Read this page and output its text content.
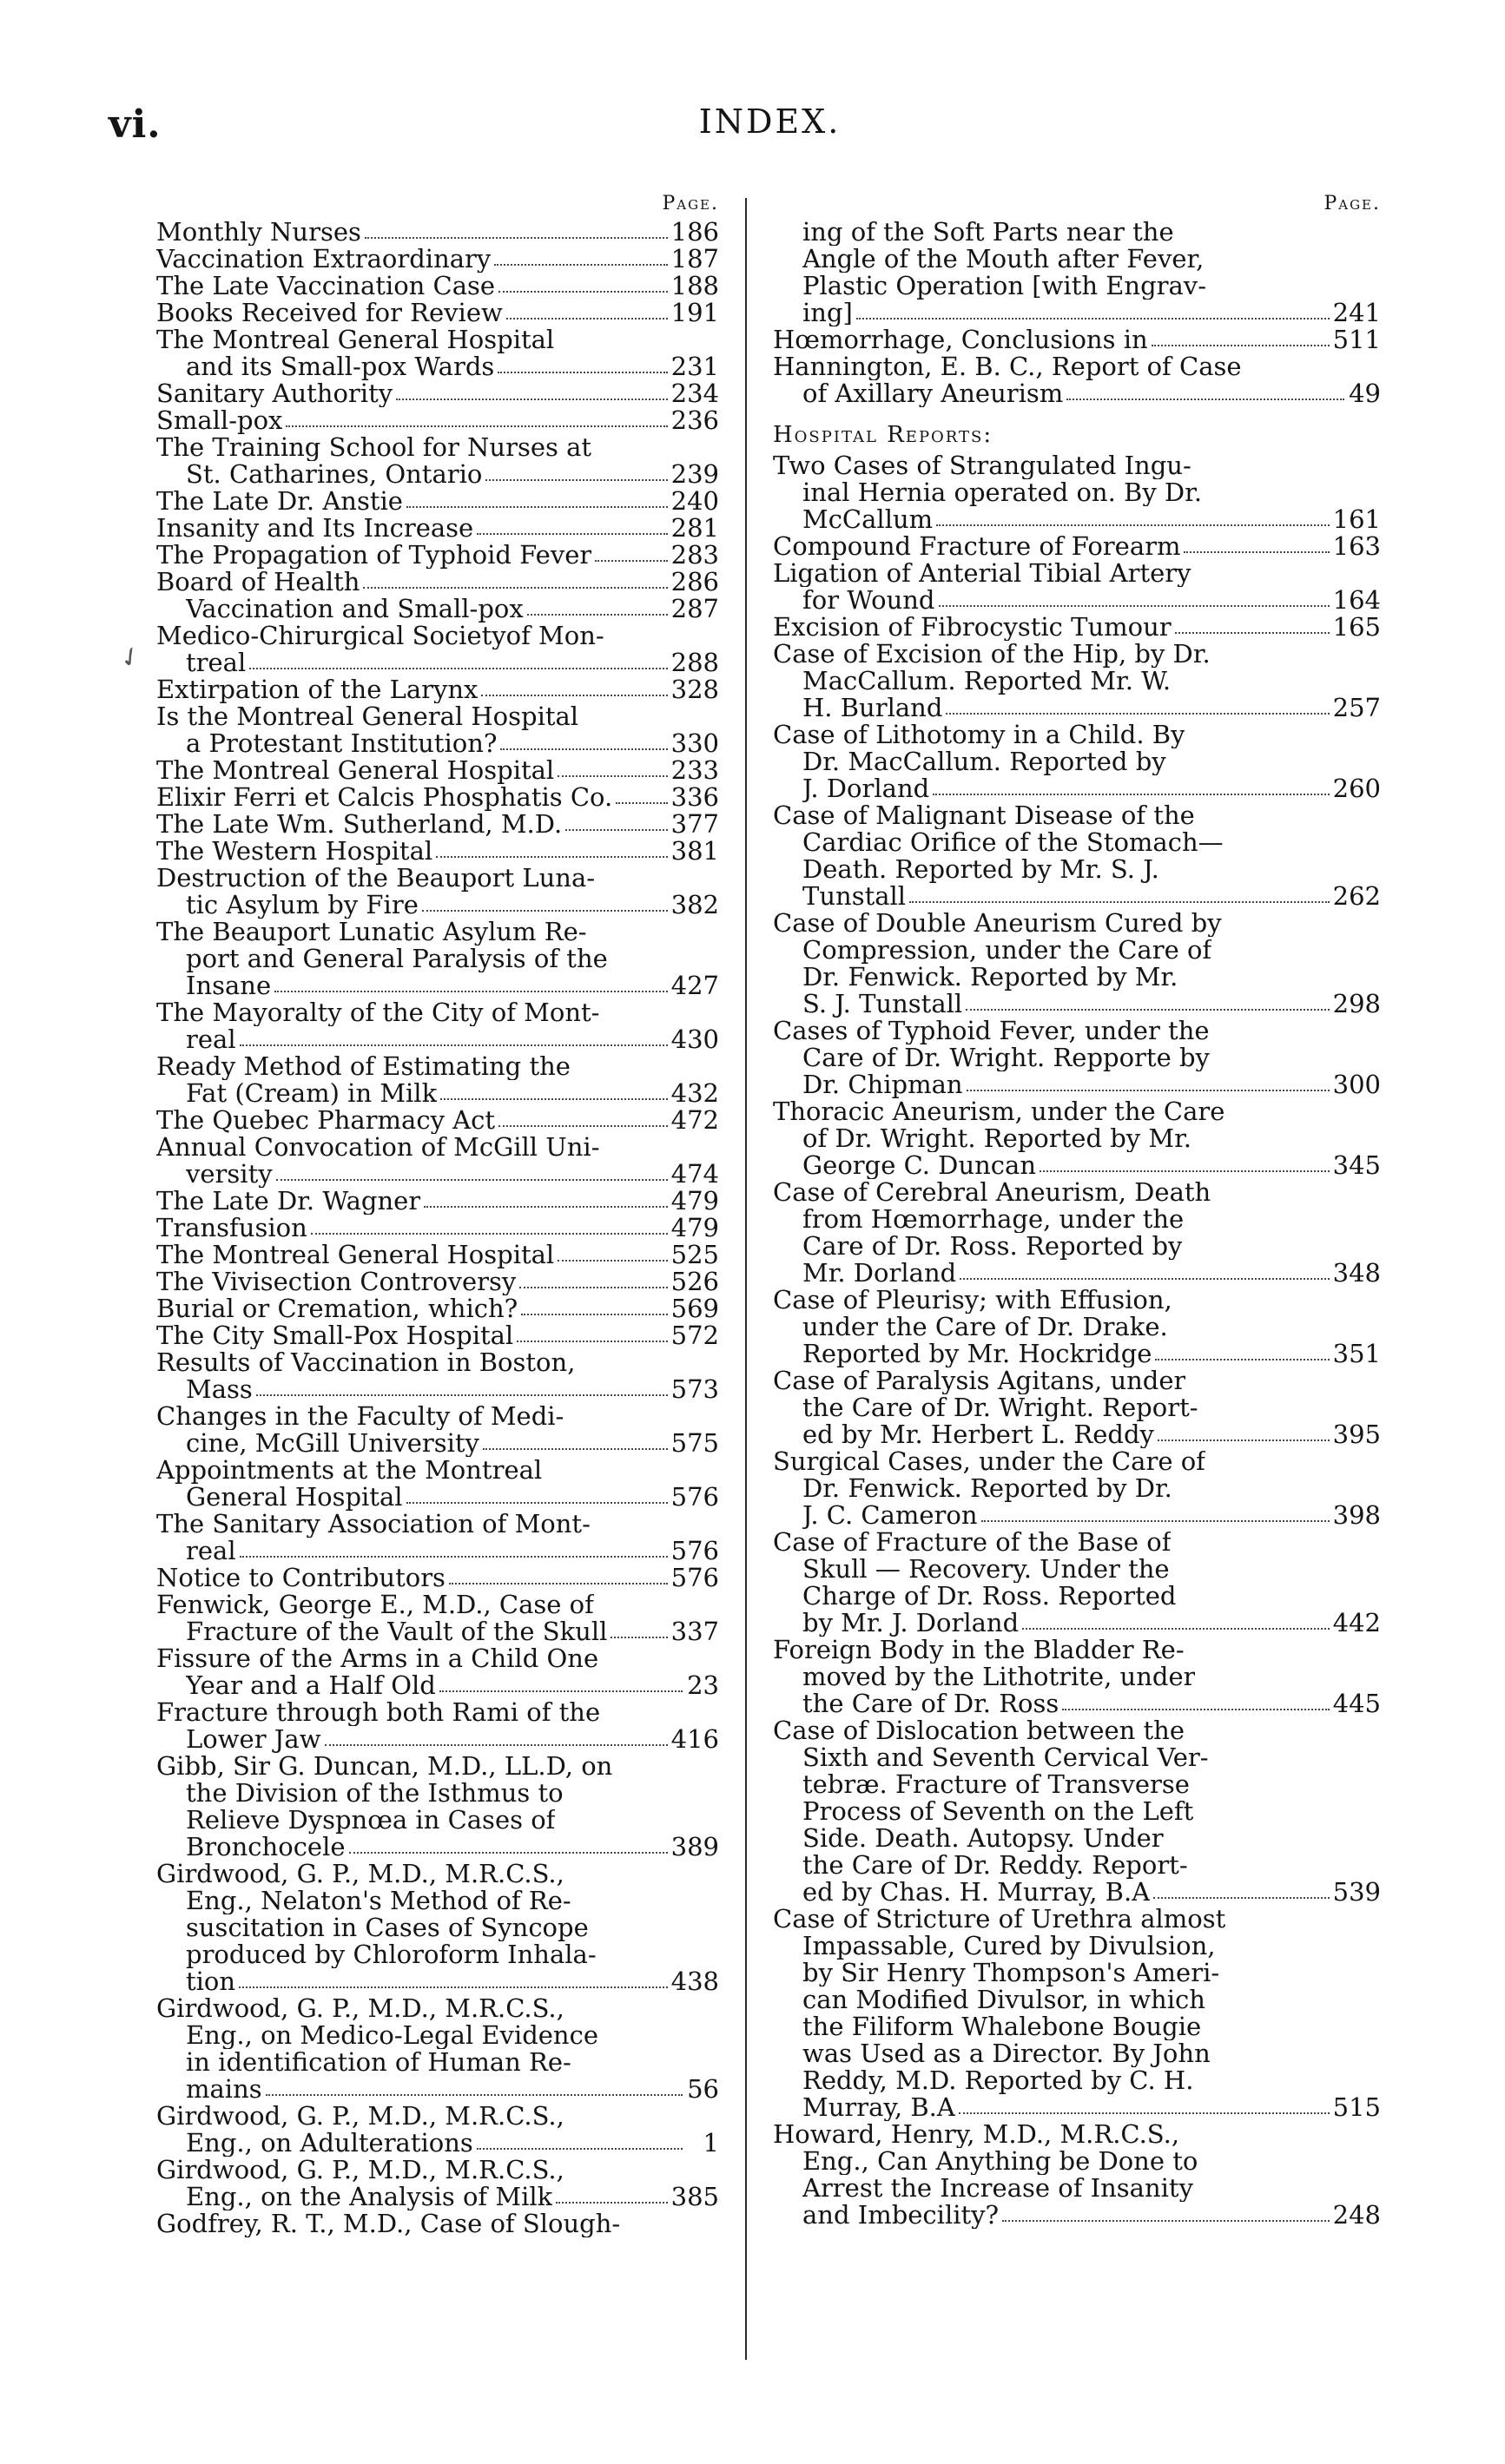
vi.	INDEX.
✓
Page.
Monthly Nurses	186
Vaccination Extraordinary	187
The Late Vaccination Case	188
Books Received for Review	191
The Montreal General Hospital
and its Small-pox Wards	231
Sanitary Authority	234
Small-pox	236
The Training School for Nurses at
St. Catharines, Ontario	239
The Late Dr. Anstie	240
Insanity and Its Increase	281
The Propagation of Typhoid Fever	283
Board of Health	286
Vaccination and Small-pox	287
Medico-Chirurgical Societyof Mon-
treal	288
Extirpation of the Larynx	328
Is the Montreal General Hospital
a Protestant Institution?	330
The Montreal General Hospital	233
Elixir Ferri et Calcis Phosphatis Co. 336
The Late Wm. Sutherland, M.D.	377
The Western Hospital	381
Destruction of the Beauport Luna-
tic Asylum by Fire	382
The Beauport Lunatic Asylum Re-
port and General Paralysis of the
Insane	427
The Mayoralty of the City of Mont-
real	430
Ready Method of Estimating the
Fat (Cream) in Milk	432
The Quebec Pharmacy Act	472
Annual Convocation of McGill Uni-
versity	474
The Late Dr. Wagner	479
Transfusion	479
The Montreal General Hospital	525
The Vivisection Controversy	526
Burial or Cremation, which?	569
The City Small-Pox Hospital	572
Results of Vaccination in Boston,
Mass	573
Changes in the Faculty of Medi-
cine, McGill University	575
Appointments at the Montreal
General Hospital	576
The Sanitary Association of Mont-
real	576
Notice to Contributors	576
Fenwick, George E., M.D., Case of
Fracture of the Vault of the Skull	337
Fissure of the Arms in a Child One
Year and a Half Old	23
Fracture through both Rami of the
Lower Jaw	416
Gibb, Sir G. Duncan, M.D., LL.D, on
the Division of the Isthmus to
Relieve Dyspnœa in Cases of
Bronchocele	389
Girdwood, G. P., M.D., M.R.C.S.,
Eng., Nelaton's Method of Re-
suscitation in Cases of Syncope
produced by Chloroform Inhala-
tion	438
Girdwood, G. P., M.D., M.R.C.S.,
Eng., on Medico-Legal Evidence
in identification of Human Re-
mains	56
Girdwood, G. P., M.D., M.R.C.S.,
Eng., on Adulterations	1
Girdwood, G. P., M.D., M.R.C.S.,
Eng., on the Analysis of Milk	385
Godfrey, R. T., M.D., Case of Slough-
Page.
ing of the Soft Parts near the
Angle of the Mouth after Fever,
Plastic Operation [with Engrav-
ing]	241
Hœmorrhage, Conclusions in	511
Hannington, E. B. C., Report of Case
of Axillary Aneurism	49
Hospital Reports:
Two Cases of Strangulated Ingu-
inal Hernia operated on. By Dr.
McCallum	161
Compound Fracture of Forearm	163
Ligation of Anterial Tibial Artery
for Wound	164
Excision of Fibrocystic Tumour	165
Case of Excision of the Hip, by Dr.
MacCallum. Reported Mr. W.
H. Burland	257
Case of Lithotomy in a Child. By
Dr. MacCallum. Reported by
J. Dorland	260
Case of Malignant Disease of the
Cardiac Orifice of the Stomach—
Death. Reported by Mr. S. J.
Tunstall	262
Case of Double Aneurism Cured by
Compression, under the Care of
Dr. Fenwick. Reported by Mr.
S. J. Tunstall	298
Cases of Typhoid Fever, under the
Care of Dr. Wright. Repporte by
Dr. Chipman	300
Thoracic Aneurism, under the Care
of Dr. Wright. Reported by Mr.
George C. Duncan	345
Case of Cerebral Aneurism, Death
from Hœmorrhage, under the
Care of Dr. Ross. Reported by
Mr. Dorland	348
Case of Pleurisy; with Effusion,
under the Care of Dr. Drake.
Reported by Mr. Hockridge	351
Case of Paralysis Agitans, under
the Care of Dr. Wright. Report-
ed by Mr. Herbert L. Reddy	395
Surgical Cases, under the Care of
Dr. Fenwick. Reported by Dr.
J. C. Cameron	398
Case of Fracture of the Base of
Skull — Recovery. Under the
Charge of Dr. Ross. Reported
by Mr. J. Dorland	442
Foreign Body in the Bladder Re-
moved by the Lithotrite, under
the Care of Dr. Ross	445
Case of Dislocation between the
Sixth and Seventh Cervical Ver-
tebræ. Fracture of Transverse
Process of Seventh on the Left
Side. Death. Autopsy. Under
the Care of Dr. Reddy. Report-
ed by Chas. H. Murray, B.A	539
Case of Stricture of Urethra almost
Impassable, Cured by Divulsion,
by Sir Henry Thompson's Ameri-
can Modified Divulsor, in which
the Filiform Whalebone Bougie
was Used as a Director. By John
Reddy, M.D. Reported by C. H.
Murray, B.A	515
Howard, Henry, M.D., M.R.C.S.,
Eng., Can Anything be Done to
Arrest the Increase of Insanity
and Imbecility?	248
